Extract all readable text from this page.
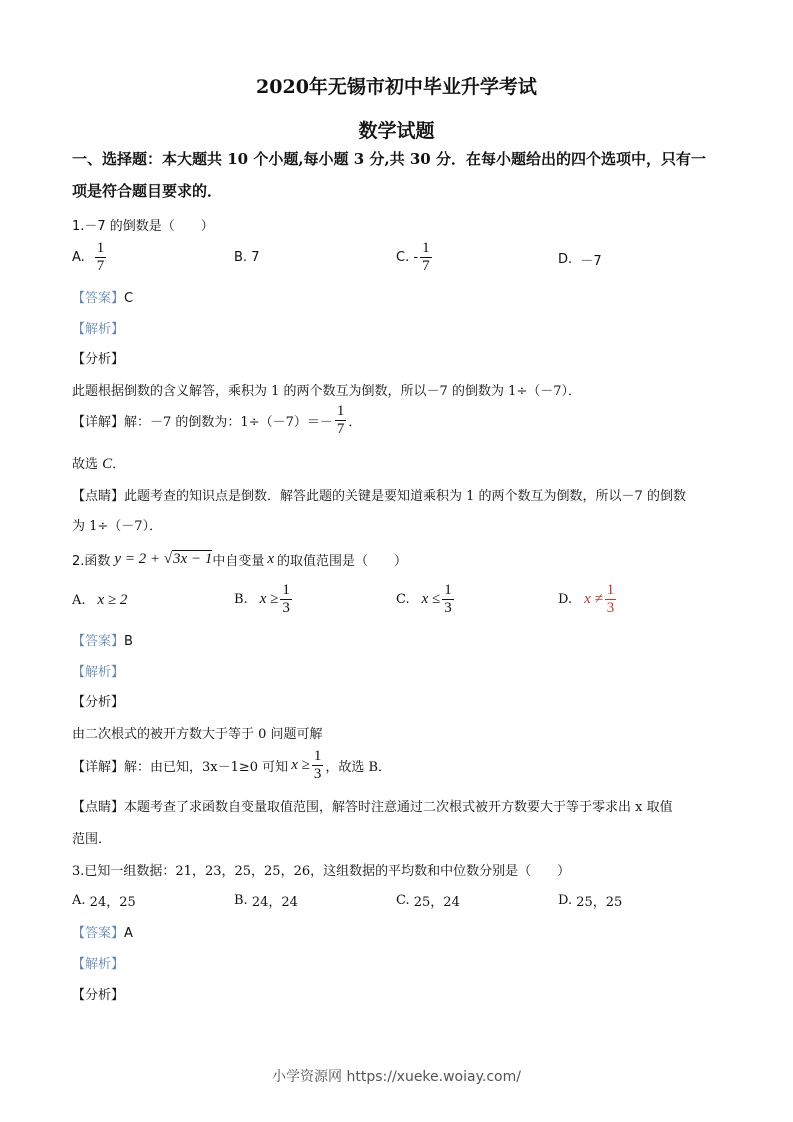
2020年无锡市初中毕业升学考试
数学试题
一、选择题：本大题共 10 个小题,每小题 3 分,共 30 分．在每小题给出的四个选项中，只有一
项是符合题目要求的．
1.－7 的倒数是（　　）
A. $\frac{1}{7}$	B.
7	C.
- $\frac{1}{7}$	D.
－7
【答案】C
【解析】
【分析】
此题根据倒数的含义解答，乘积为 1 的两个数互为倒数，所以－7 的倒数为 1÷（－7）．
【详解】 解：－7 的倒数为：$1\div(-7)=- \frac{1}{7}$ ．
故选 C．
【点睛】此题考查的知识点是倒数．解答此题的关键是要知道乘积为 1 的两个数互为倒数，所以－7 的倒数
为 1÷（－7）．
2.函数 y = 2 + √3x − 1 中自变量 x 的取值范围是（　　）
A. x ≥ 2	B. $x \ge \frac{1}{3}$	C. $x \le \frac{1}{3}$	D. $x \ne \frac{1}{3}$
【答案】B
【解析】
【分析】
由二次根式的被开方数大于等于 0 问题可解
【详解】 解：由已知，3x－1≥0 可知 $x \ge \frac{1}{3}$ ，故选 B．
【点睛】本题考查了求函数自变量取值范围，解答时注意通过二次根式被开方数要大于等于零求出 x 取值
范围．
3.已知一组数据：21，23，25，25，26，这组数据的平均数和中位数分别是（　　）
A.
24，25	B.
24，24	C.
25，24	D.
25，25
【答案】A
【解析】
【分析】
小学资源网 https://xueke.woiay.com/
